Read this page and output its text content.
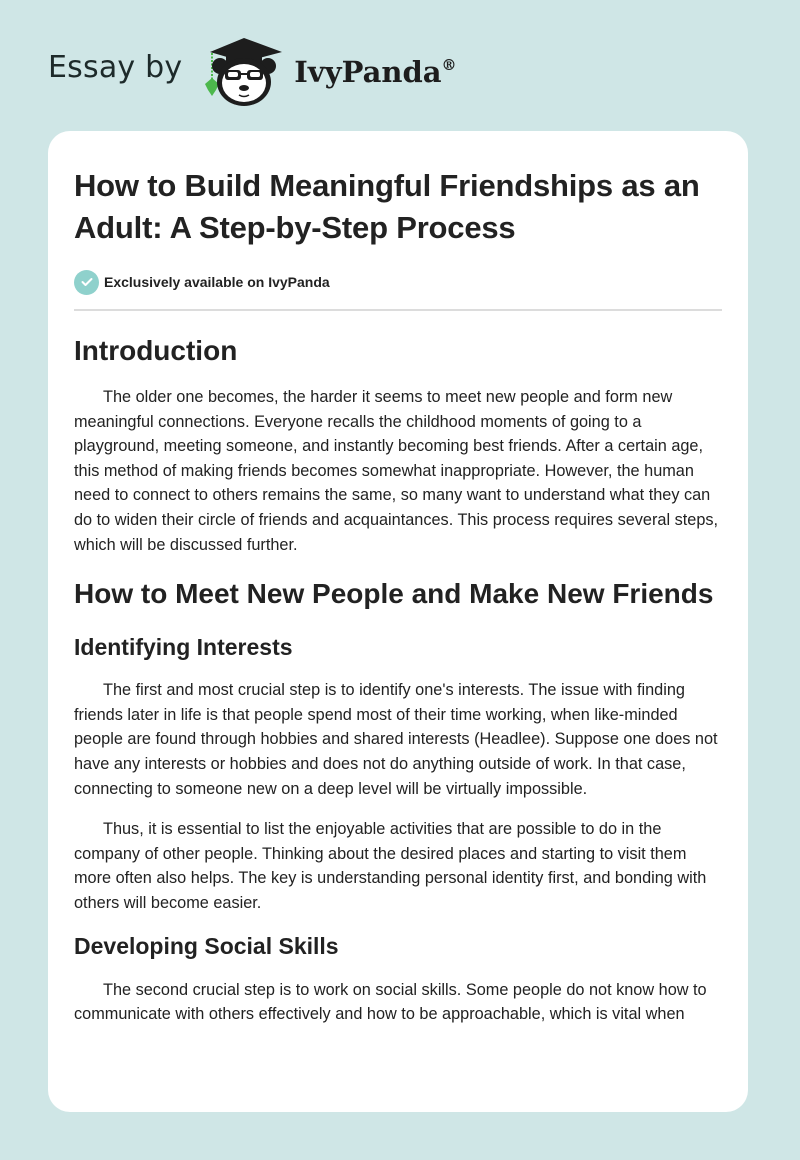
Essay by	IvyPanda®
How to Build Meaningful Friendships as an Adult: A Step-by-Step Process
Exclusively available on IvyPanda
Introduction

The older one becomes, the harder it seems to meet new people and form new meaningful connections. Everyone recalls the childhood moments of going to a playground, meeting someone, and instantly becoming best friends. After a certain age, this method of making friends becomes somewhat inappropriate. However, the human need to connect to others remains the same, so many want to understand what they can do to widen their circle of friends and acquaintances. This process requires several steps, which will be discussed further.

How to Meet New People and Make New Friends
Identifying Interests

The first and most crucial step is to identify one's interests. The issue with finding friends later in life is that people spend most of their time working, when like-minded people are found through hobbies and shared interests (Headlee). Suppose one does not have any interests or hobbies and does not do anything outside of work. In that case, connecting to someone new on a deep level will be virtually impossible.

Thus, it is essential to list the enjoyable activities that are possible to do in the company of other people. Thinking about the desired places and starting to visit them more often also helps. The key is understanding personal identity first, and bonding with others will become easier.

Developing Social Skills

The second crucial step is to work on social skills. Some people do not know how to communicate with others effectively and how to be approachable, which is vital when
